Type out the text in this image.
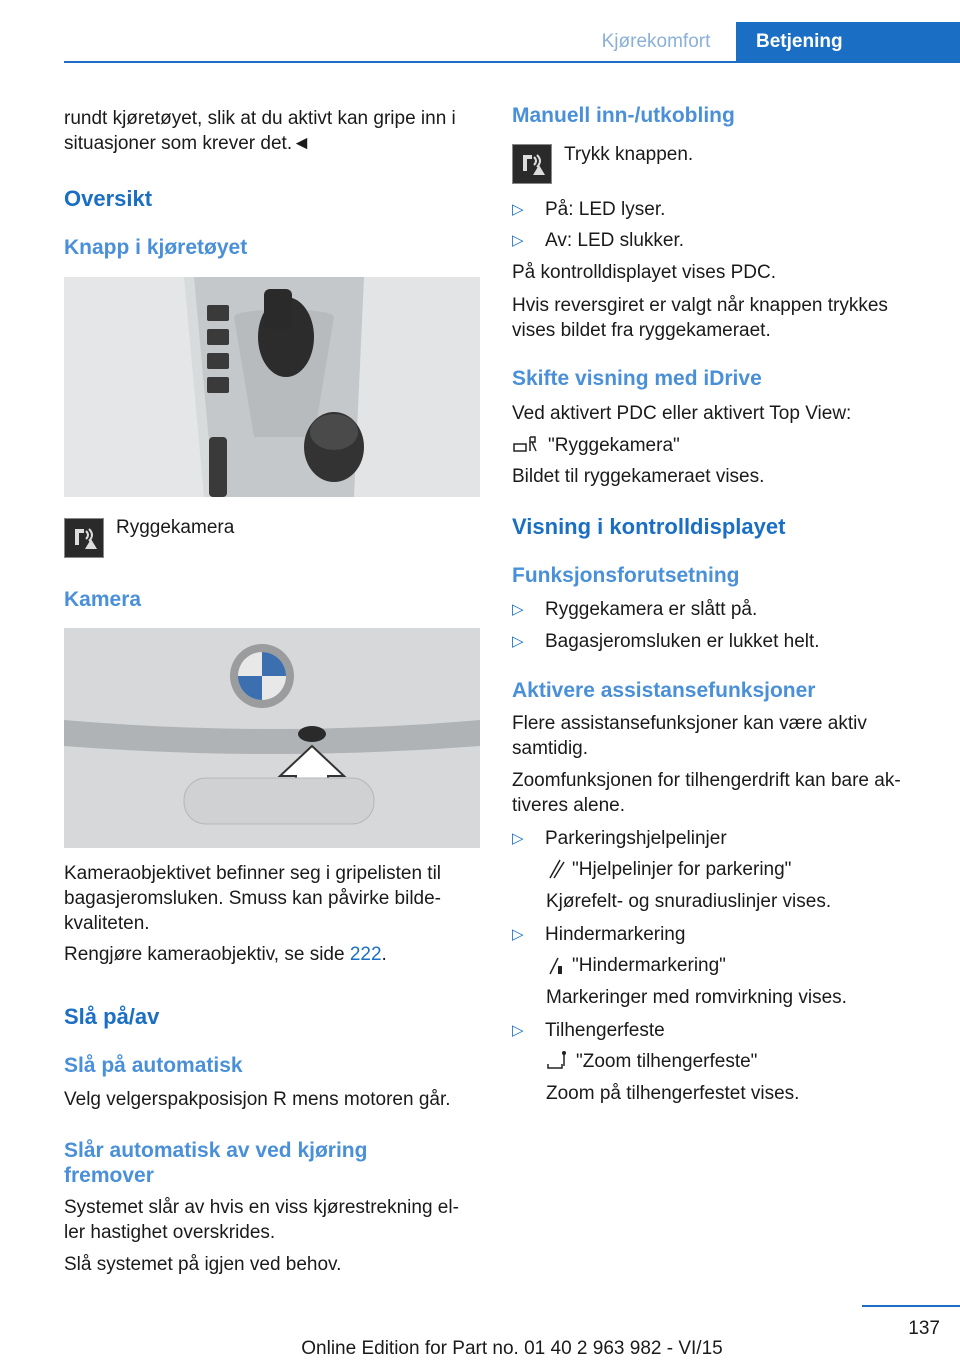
Kjørekomfort	Betjening
rundt kjøretøyet, slik at du aktivt kan gripe inn i
situasjoner som krever det.◄
Oversikt
Knapp i kjøretøyet
Ryggekamera
Kamera
Kameraobjektivet befinner seg i gripelisten til
bagasjeromsluken. Smuss kan påvirke bilde-
kvaliteten.
Rengjøre kameraobjektiv, se side 222.
Slå på/av
Slå på automatisk
Velg velgerspakposisjon R mens motoren går.
Slår automatisk av ved kjøring
fremover
Systemet slår av hvis en viss kjørestrekning el-
ler hastighet overskrides.
Slå systemet på igjen ved behov.
Manuell inn-/utkobling
Trykk knappen.
▷ På: LED lyser.
▷ Av: LED slukker.
På kontrolldisplayet vises PDC.
Hvis reversgiret er valgt når knappen trykkes
vises bildet fra ryggekameraet.
Skifte visning med iDrive
Ved aktivert PDC eller aktivert Top View:
"Ryggekamera"
Bildet til ryggekameraet vises.
Visning i kontrolldisplayet
Funksjonsforutsetning
▷ Ryggekamera er slått på.
▷ Bagasjeromsluken er lukket helt.
Aktivere assistansefunksjoner
Flere assistansefunksjoner kan være aktiv
samtidig.
Zoomfunksjonen for tilhengerdrift kan bare ak-
tiveres alene.
▷ Parkeringshjelpelinjer
"Hjelpelinjer for parkering"
Kjørefelt- og snuradiuslinjer vises.
▷ Hindermarkering
"Hindermarkering"
Markeringer med romvirkning vises.
▷ Tilhengerfeste
"Zoom tilhengerfeste"
Zoom på tilhengerfestet vises.
137
Online Edition for Part no. 01 40 2 963 982 - VI/15
